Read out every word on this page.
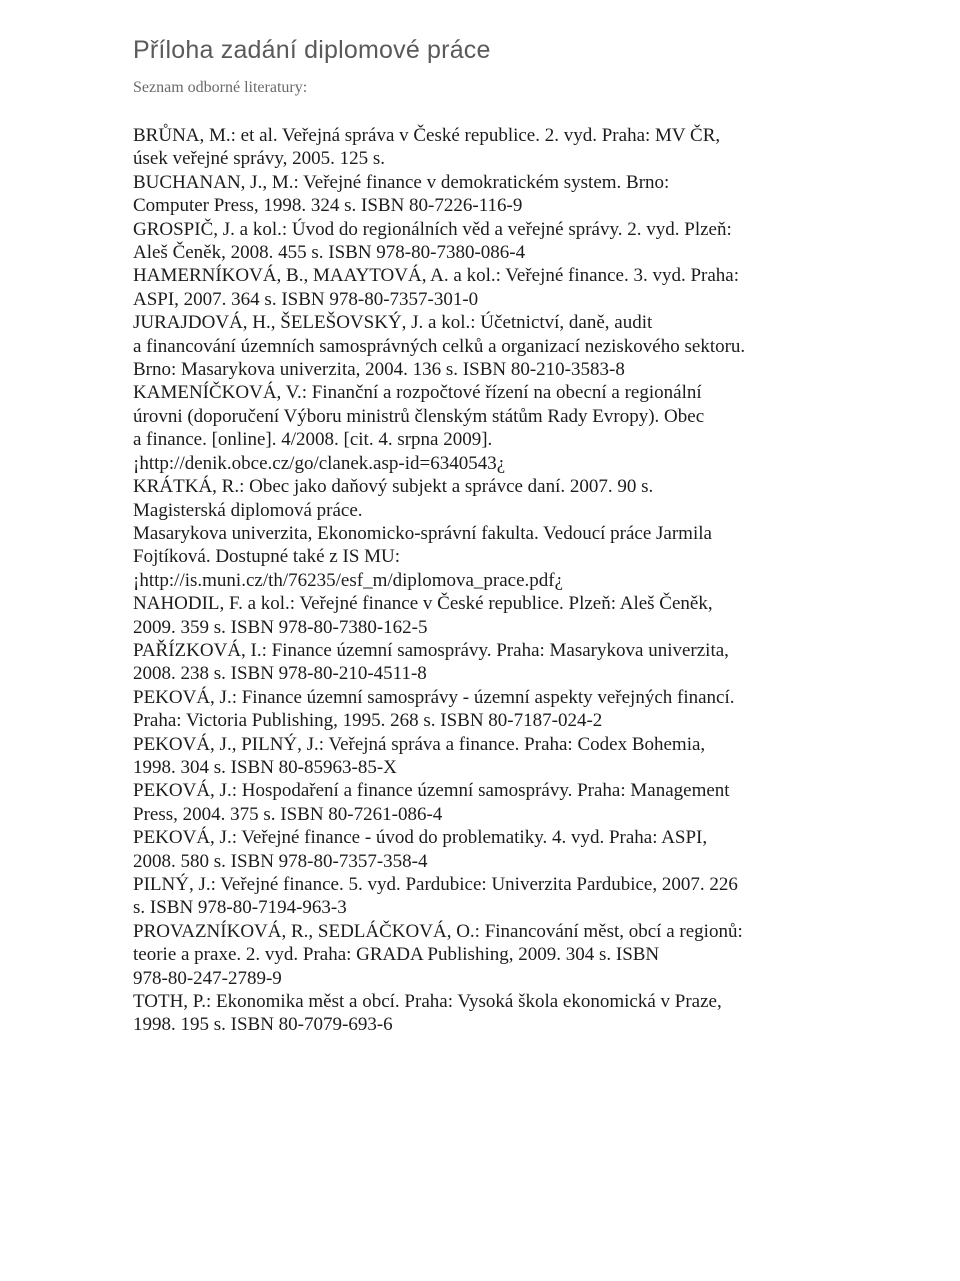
Příloha zadání diplomové práce
Seznam odborné literatury:
BRŮNA, M.: et al. Veřejná správa v České republice. 2. vyd. Praha: MV ČR,
úsek veřejné správy, 2005. 125 s.
BUCHANAN, J., M.: Veřejné finance v demokratickém system. Brno:
Computer Press, 1998. 324 s. ISBN 80-7226-116-9
GROSPIČ, J. a kol.: Úvod do regionálních věd a veřejné správy. 2. vyd. Plzeň:
Aleš Čeněk, 2008. 455 s. ISBN 978-80-7380-086-4
HAMERNÍKOVÁ, B., MAAYTOVÁ, A. a kol.: Veřejné finance. 3. vyd. Praha:
ASPI, 2007. 364 s. ISBN 978-80-7357-301-0
JURAJDOVÁ, H., ŠELEŠOVSKÝ, J. a kol.: Účetnictví, daně, audit
a financování územních samosprávných celků a organizací neziskového sektoru.
Brno: Masarykova univerzita, 2004. 136 s. ISBN 80-210-3583-8
KAMENÍČKOVÁ, V.: Finanční a rozpočtové řízení na obecní a regionální
úrovni (doporučení Výboru ministrů členským státům Rady Evropy). Obec
a finance. [online]. 4/2008. [cit. 4. srpna 2009].
¡http://denik.obce.cz/go/clanek.asp-id=6340543¿
KRÁTKÁ, R.: Obec jako daňový subjekt a správce daní. 2007. 90 s.
Magisterská diplomová práce.
Masarykova univerzita, Ekonomicko-správní fakulta. Vedoucí práce Jarmila
Fojtíková. Dostupné také z IS MU:
¡http://is.muni.cz/th/76235/esf_m/diplomova_prace.pdf¿
NAHODIL, F. a kol.: Veřejné finance v České republice. Plzeň: Aleš Čeněk,
2009. 359 s. ISBN 978-80-7380-162-5
PAŘÍZKOVÁ, I.: Finance územní samosprávy. Praha: Masarykova univerzita,
2008. 238 s. ISBN 978-80-210-4511-8
PEKOVÁ, J.: Finance územní samosprávy - územní aspekty veřejných financí.
Praha: Victoria Publishing, 1995. 268 s. ISBN 80-7187-024-2
PEKOVÁ, J., PILNÝ, J.: Veřejná správa a finance. Praha: Codex Bohemia,
1998. 304 s. ISBN 80-85963-85-X
PEKOVÁ, J.: Hospodaření a finance územní samosprávy. Praha: Management
Press, 2004. 375 s. ISBN 80-7261-086-4
PEKOVÁ, J.: Veřejné finance - úvod do problematiky. 4. vyd. Praha: ASPI,
2008. 580 s. ISBN 978-80-7357-358-4
PILNÝ, J.: Veřejné finance. 5. vyd. Pardubice: Univerzita Pardubice, 2007. 226
s. ISBN 978-80-7194-963-3
PROVAZNÍKOVÁ, R., SEDLÁČKOVÁ, O.: Financování měst, obcí a regionů:
teorie a praxe. 2. vyd. Praha: GRADA Publishing, 2009. 304 s. ISBN
978-80-247-2789-9
TOTH, P.: Ekonomika měst a obcí. Praha: Vysoká škola ekonomická v Praze,
1998. 195 s. ISBN 80-7079-693-6
